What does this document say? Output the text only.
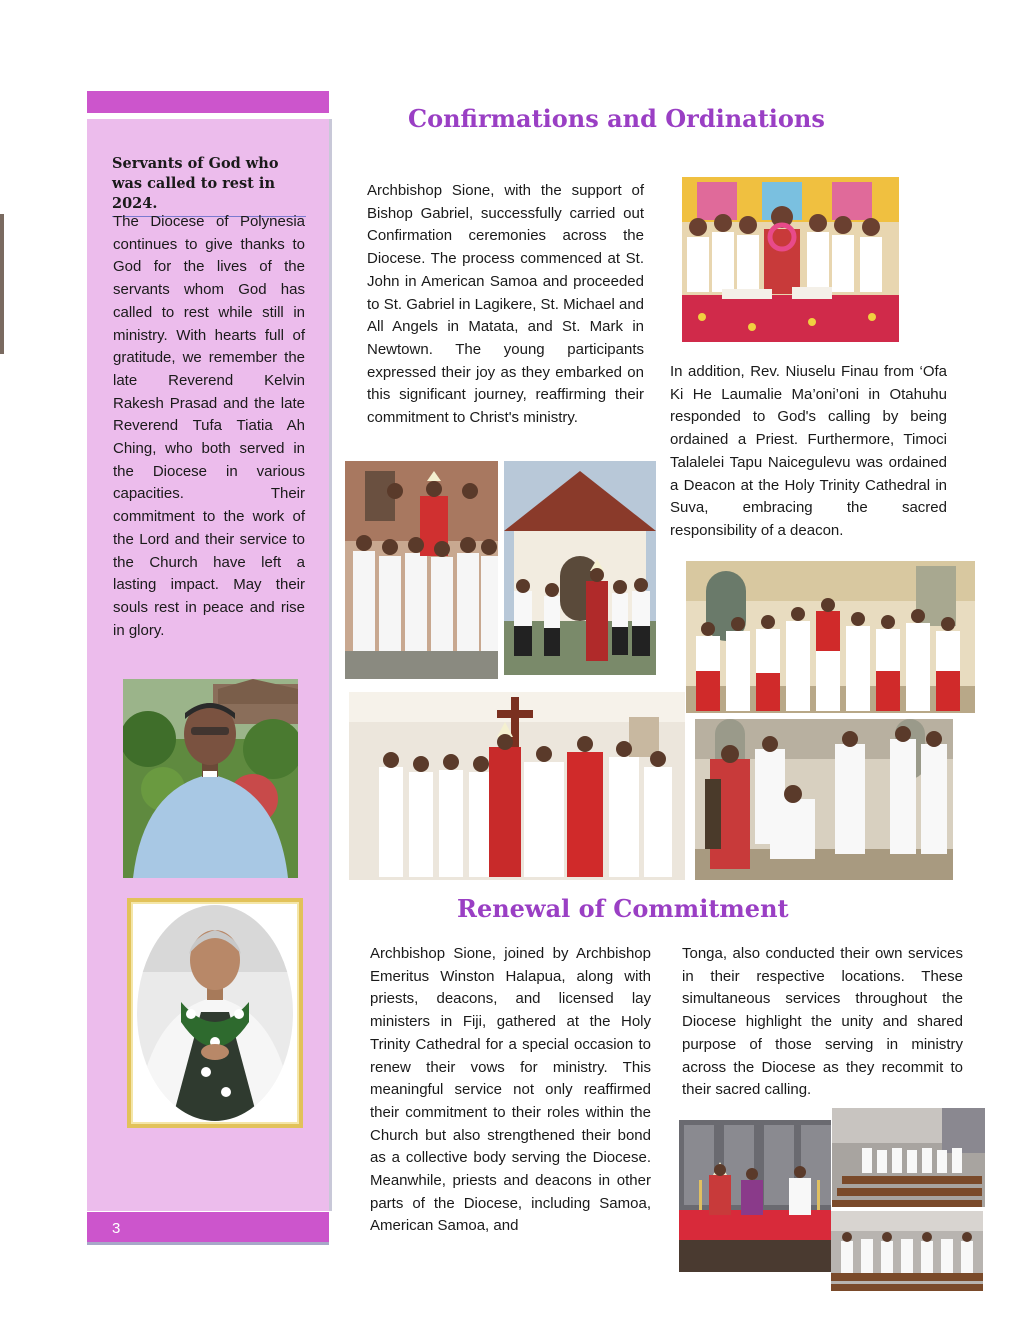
Servants of God who was called to rest in 2024.
The Diocese of Polynesia continues to give thanks to God for the lives of the servants whom God has called to rest while still in ministry. With hearts full of gratitude, we remember the late Reverend Kelvin Rakesh Prasad and the late Reverend Tufa Tiatia Ah Ching, who both served in the Diocese in various capacities. Their commitment to the work of the Lord and their service to the Church have left a lasting impact. May their souls rest in peace and rise in glory.
3
Confirmations and Ordinations
Renewal of Commitment
Archbishop Sione, with the support of Bishop Gabriel, successfully carried out Confirmation ceremonies across the Diocese. The process commenced at St. John in American Samoa and proceeded to St. Gabriel in Lagikere, St. Michael and All Angels in Matata, and St. Mark in Newtown. The young participants expressed their joy as they embarked on this significant journey, reaffirming their commitment to Christ's ministry.
In addition, Rev. Niuselu Finau from ‘Ofa Ki He Laumalie Ma’oni’oni in Otahuhu responded to God's calling by being ordained a Priest. Furthermore, Timoci Talalelei Tapu Naicegulevu was ordained a Deacon at the Holy Trinity Cathedral in Suva, embracing the sacred responsibility of a deacon.
Archbishop Sione, joined by Archbishop Emeritus Winston Halapua, along with priests, deacons, and licensed lay ministers in Fiji, gathered at the Holy Trinity Cathedral for a special occasion to renew their vows for ministry. This meaningful service not only reaffirmed their commitment to their roles within the Church but also strengthened their bond as a collective body serving the Diocese. Meanwhile, priests and deacons in other parts of the Diocese, including Samoa, American Samoa, and
Tonga, also conducted their own services in their respective locations. These simultaneous services throughout the Diocese highlight the unity and shared purpose of those serving in ministry across the Diocese as they recommit to their sacred calling.
